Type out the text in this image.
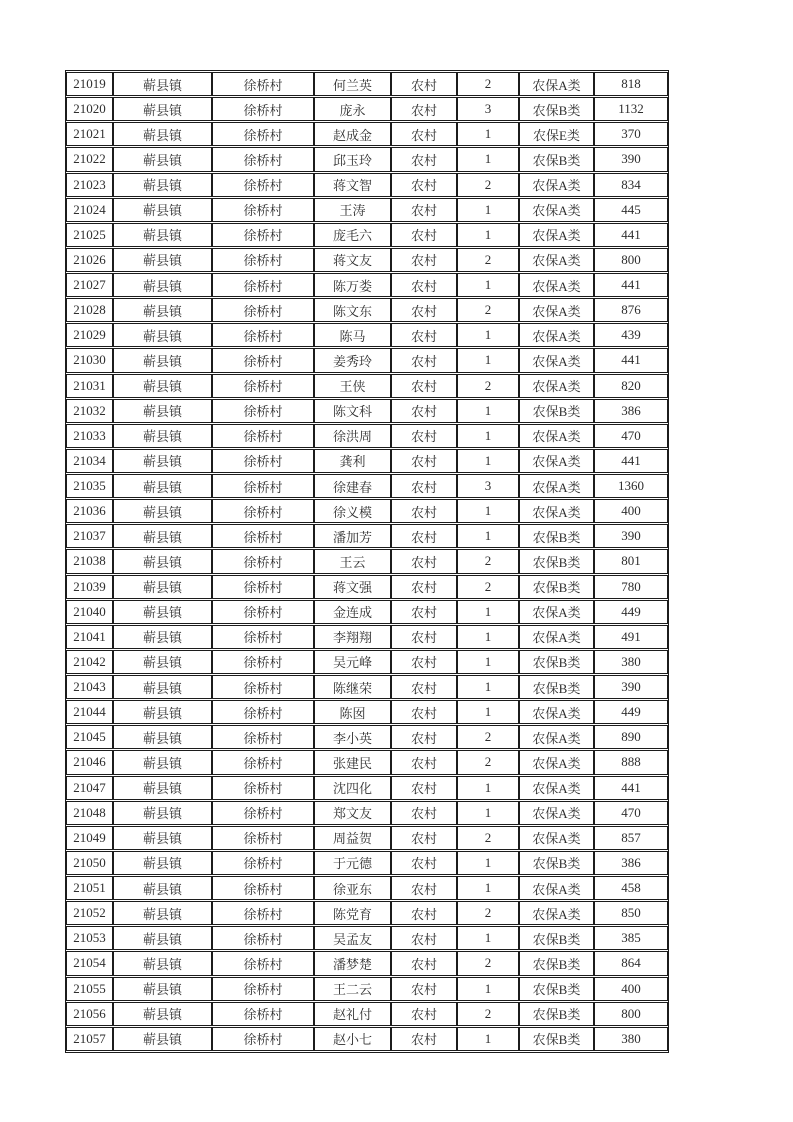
21019	蕲县镇	徐桥村	何兰英	农村	2	农保A类	818
21020	蕲县镇	徐桥村	庞永	农村	3	农保B类	1132
21021	蕲县镇	徐桥村	赵成金	农村	1	农保E类	370
21022	蕲县镇	徐桥村	邱玉玲	农村	1	农保B类	390
21023	蕲县镇	徐桥村	蒋文智	农村	2	农保A类	834
21024	蕲县镇	徐桥村	王涛	农村	1	农保A类	445
21025	蕲县镇	徐桥村	庞毛六	农村	1	农保A类	441
21026	蕲县镇	徐桥村	蒋文友	农村	2	农保A类	800
21027	蕲县镇	徐桥村	陈万娄	农村	1	农保A类	441
21028	蕲县镇	徐桥村	陈文东	农村	2	农保A类	876
21029	蕲县镇	徐桥村	陈马	农村	1	农保A类	439
21030	蕲县镇	徐桥村	姜秀玲	农村	1	农保A类	441
21031	蕲县镇	徐桥村	王侠	农村	2	农保A类	820
21032	蕲县镇	徐桥村	陈文科	农村	1	农保B类	386
21033	蕲县镇	徐桥村	徐洪周	农村	1	农保A类	470
21034	蕲县镇	徐桥村	龚利	农村	1	农保A类	441
21035	蕲县镇	徐桥村	徐建春	农村	3	农保A类	1360
21036	蕲县镇	徐桥村	徐义模	农村	1	农保A类	400
21037	蕲县镇	徐桥村	潘加芳	农村	1	农保B类	390
21038	蕲县镇	徐桥村	王云	农村	2	农保B类	801
21039	蕲县镇	徐桥村	蒋文强	农村	2	农保B类	780
21040	蕲县镇	徐桥村	金连成	农村	1	农保A类	449
21041	蕲县镇	徐桥村	李翔翔	农村	1	农保A类	491
21042	蕲县镇	徐桥村	吴元峰	农村	1	农保B类	380
21043	蕲县镇	徐桥村	陈继荣	农村	1	农保B类	390
21044	蕲县镇	徐桥村	陈囡	农村	1	农保A类	449
21045	蕲县镇	徐桥村	李小英	农村	2	农保A类	890
21046	蕲县镇	徐桥村	张建民	农村	2	农保A类	888
21047	蕲县镇	徐桥村	沈四化	农村	1	农保A类	441
21048	蕲县镇	徐桥村	郑文友	农村	1	农保A类	470
21049	蕲县镇	徐桥村	周益贺	农村	2	农保A类	857
21050	蕲县镇	徐桥村	于元德	农村	1	农保B类	386
21051	蕲县镇	徐桥村	徐亚东	农村	1	农保A类	458
21052	蕲县镇	徐桥村	陈党育	农村	2	农保A类	850
21053	蕲县镇	徐桥村	吴孟友	农村	1	农保B类	385
21054	蕲县镇	徐桥村	潘梦楚	农村	2	农保B类	864
21055	蕲县镇	徐桥村	王二云	农村	1	农保B类	400
21056	蕲县镇	徐桥村	赵礼付	农村	2	农保B类	800
21057	蕲县镇	徐桥村	赵小七	农村	1	农保B类	380
